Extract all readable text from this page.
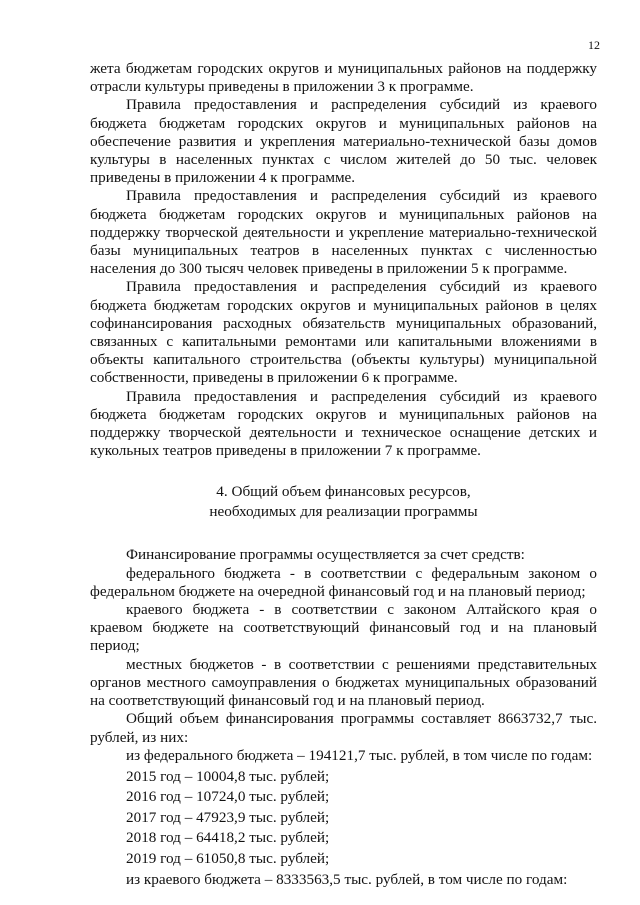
12

жета бюджетам городских округов и муниципальных районов на поддержку отрасли культуры приведены в приложении 3 к программе.

Правила предоставления и распределения субсидий из краевого бюджета бюджетам городских округов и муниципальных районов на обеспечение развития и укрепления материально-технической базы домов культуры в населенных пунктах с числом жителей до 50 тыс. человек приведены в приложении 4 к программе.

Правила предоставления и распределения субсидий из краевого бюджета бюджетам городских округов и муниципальных районов на поддержку творческой деятельности и укрепление материально-технической базы муниципальных театров в населенных пунктах с численностью населения до 300 тысяч человек приведены в приложении 5 к программе.

Правила предоставления и распределения субсидий из краевого бюджета бюджетам городских округов и муниципальных районов в целях софинансирования расходных обязательств муниципальных образований, связанных с капитальными ремонтами или капитальными вложениями в объекты капитального строительства (объекты культуры) муниципальной собственности, приведены в приложении 6 к программе.

Правила предоставления и распределения субсидий из краевого бюджета бюджетам городских округов и муниципальных районов на поддержку творческой деятельности и техническое оснащение детских и кукольных театров приведены в приложении 7 к программе.

4. Общий объем финансовых ресурсов,
необходимых для реализации программы

Финансирование программы осуществляется за счет средств:

федерального бюджета - в соответствии с федеральным законом о федеральном бюджете на очередной финансовый год и на плановый период;

краевого бюджета - в соответствии с законом Алтайского края о краевом бюджете на соответствующий финансовый год и на плановый период;

местных бюджетов - в соответствии с решениями представительных органов местного самоуправления о бюджетах муниципальных образований на соответствующий финансовый год и на плановый период.

Общий объем финансирования программы составляет 8663732,7 тыс. рублей, из них:

из федерального бюджета – 194121,7 тыс. рублей, в том числе по годам:

2015 год – 10004,8 тыс. рублей;

2016 год – 10724,0 тыс. рублей;

2017 год – 47923,9 тыс. рублей;

2018 год – 64418,2 тыс. рублей;

2019 год – 61050,8 тыс. рублей;

из краевого бюджета – 8333563,5 тыс. рублей, в том числе по годам:
